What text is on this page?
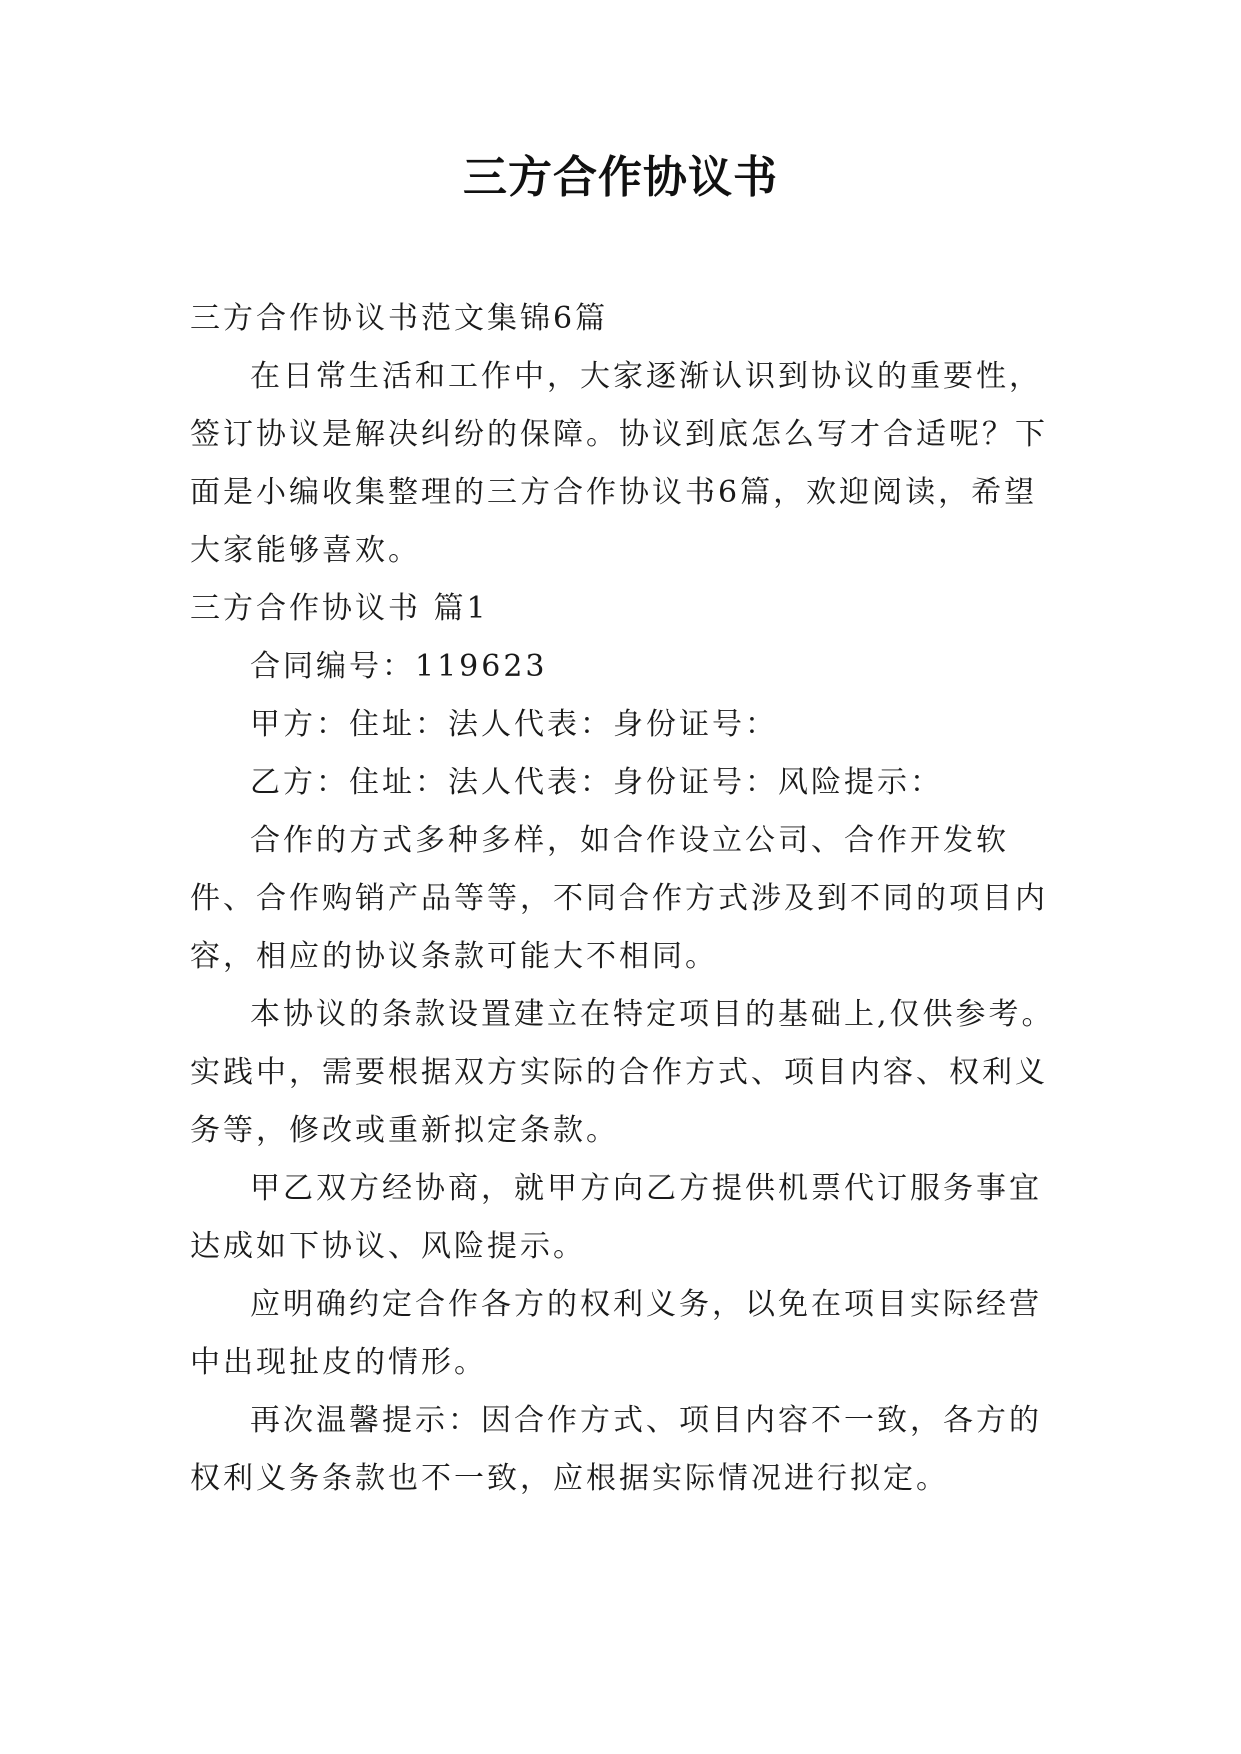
三方合作协议书

三方合作协议书范文集锦6篇

在日常生活和工作中，大家逐渐认识到协议的重要性，签订协议是解决纠纷的保障。协议到底怎么写才合适呢？下面是小编收集整理的三方合作协议书6篇，欢迎阅读，希望大家能够喜欢。

三方合作协议书 篇1

合同编号：119623

甲方：住址：法人代表：身份证号：

乙方：住址：法人代表：身份证号：风险提示：

合作的方式多种多样，如合作设立公司、合作开发软件、合作购销产品等等，不同合作方式涉及到不同的项目内容，相应的协议条款可能大不相同。

本协议的条款设置建立在特定项目的基础上,仅供参考。实践中，需要根据双方实际的合作方式、项目内容、权利义务等，修改或重新拟定条款。

甲乙双方经协商，就甲方向乙方提供机票代订服务事宜达成如下协议、风险提示。

应明确约定合作各方的权利义务，以免在项目实际经营中出现扯皮的情形。

再次温馨提示：因合作方式、项目内容不一致，各方的权利义务条款也不一致，应根据实际情况进行拟定。
